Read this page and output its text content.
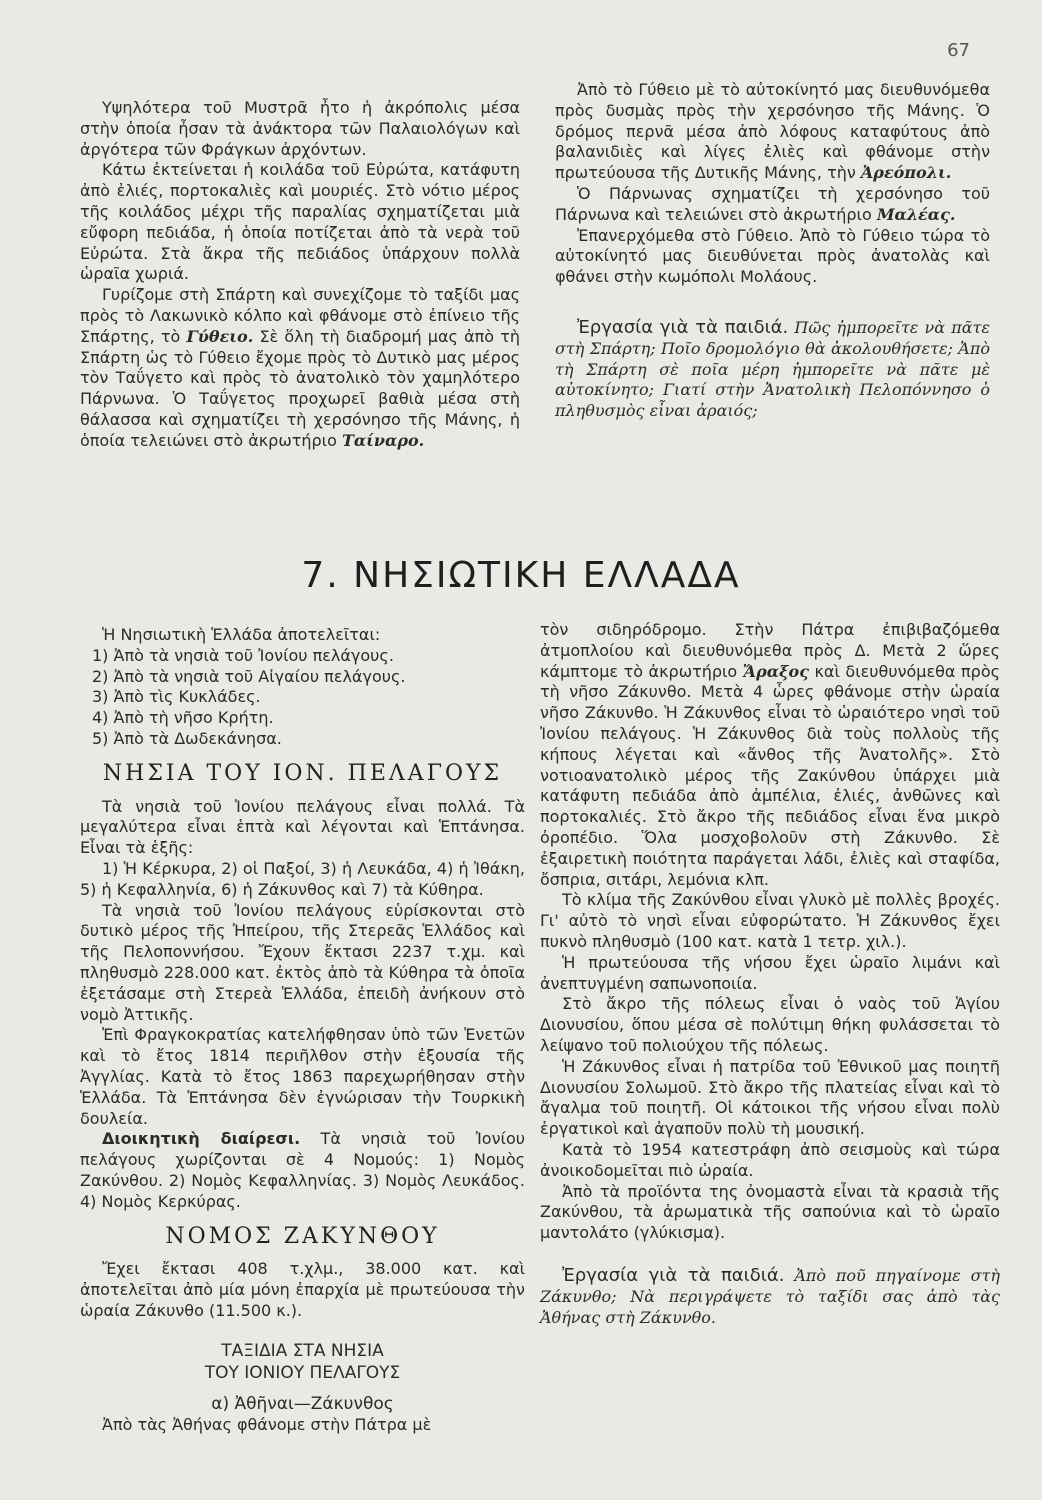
67

Υψηλότερα τοῦ Μυστρᾶ ἦτο ἡ ἀκρόπολις μέσα στὴν ὁποία ἦσαν τὰ ἀνάκτορα τῶν Παλαιολόγων καὶ ἀργότερα τῶν Φράγκων ἀρχόντων.

Κάτω ἐκτείνεται ἡ κοιλάδα τοῦ Εὐρώτα, κατάφυτη ἀπὸ ἐλιές, πορτοκαλιὲς καὶ μουριές. Στὸ νότιο μέρος τῆς κοιλάδος μέχρι τῆς παραλίας σχηματίζεται μιὰ εὔφορη πεδιάδα, ἡ ὁποία ποτίζεται ἀπὸ τὰ νερὰ τοῦ Εὐρώτα. Στὰ ἄκρα τῆς πεδιάδος ὑπάρχουν πολλὰ ὡραῖα χωριά.

Γυρίζομε στὴ Σπάρτη καὶ συνεχίζομε τὸ ταξίδι μας πρὸς τὸ Λακωνικὸ κόλπο καὶ φθάνομε στὸ ἐπίνειο τῆς Σπάρτης, τὸ Γύθειο. Σὲ ὅλη τὴ διαδρομή μας ἀπὸ τὴ Σπάρτη ὡς τὸ Γύθειο ἔχομε πρὸς τὸ Δυτικὸ μας μέρος τὸν Ταΰγετο καὶ πρὸς τὸ ἀνατολικὸ τὸν χαμηλότερο Πάρνωνα. Ὁ Ταΰγετος προχωρεῖ βαθιὰ μέσα στὴ θάλασσα καὶ σχηματίζει τὴ χερσόνησο τῆς Μάνης, ἡ ὁποία τελειώνει στὸ ἀκρωτήριο Ταίναρο.

Ἀπὸ τὸ Γύθειο μὲ τὸ αὐτοκίνητό μας διευθυνόμεθα πρὸς δυσμὰς πρὸς τὴν χερσόνησο τῆς Μάνης. Ὁ δρόμος περνᾶ μέσα ἀπὸ λόφους καταφύτους ἀπὸ βαλανιδιὲς καὶ λίγες ἐλιὲς καὶ φθάνομε στὴν πρωτεύουσα τῆς Δυτικῆς Μάνης, τὴν Ἀρεόπολι.

Ὁ Πάρνωνας σχηματίζει τὴ χερσόνησο τοῦ Πάρνωνα καὶ τελειώνει στὸ ἀκρωτήριο Μαλέας.

Ἐπανερχόμεθα στὸ Γύθειο. Ἀπὸ τὸ Γύθειο τώρα τὸ αὐτοκίνητό μας διευθύνεται πρὸς ἀνατολὰς καὶ φθάνει στὴν κωμόπολι Μολάους.

Ἐργασία γιὰ τὰ παιδιά. Πῶς ἠμπορεῖτε νὰ πᾶτε στὴ Σπάρτη; Ποῖο δρομολόγιο θὰ ἀκολουθήσετε; Ἀπὸ τὴ Σπάρτη σὲ ποῖα μέρη ἠμπορεῖτε νὰ πᾶτε μὲ αὐτοκίνητο; Γιατί στὴν Ἀνατολικὴ Πελοπόννησο ὁ πληθυσμὸς εἶναι ἀραιός;

7. ΝΗΣΙΩΤΙΚΗ ΕΛΛΑΔΑ

Ἡ Νησιωτικὴ Ἑλλάδα ἀποτελεῖται:

1) Ἀπὸ τὰ νησιὰ τοῦ Ἰονίου πελάγους.
2) Ἀπὸ τὰ νησιὰ τοῦ Αἰγαίου πελάγους.
3) Ἀπὸ τὶς Κυκλάδες.
4) Ἀπὸ τὴ νῆσο Κρήτη.
5) Ἀπὸ τὰ Δωδεκάνησα.
ΝΗΣΙΑ ΤΟΥ ΙΟΝ. ΠΕΛΑΓΟΥΣ

Τὰ νησιὰ τοῦ Ἰονίου πελάγους εἶναι πολλά. Τὰ μεγαλύτερα εἶναι ἑπτὰ καὶ λέγονται καὶ Ἑπτάνησα. Εἶναι τὰ ἑξῆς:

1) Ἡ Κέρκυρα, 2) οἱ Παξοί, 3) ἡ Λευκάδα, 4) ἡ Ἰθάκη, 5) ἡ Κεφαλληνία, 6) ἡ Ζάκυνθος καὶ 7) τὰ Κύθηρα.

Τὰ νησιὰ τοῦ Ἰονίου πελάγους εὑρίσκονται στὸ δυτικὸ μέρος τῆς Ἠπείρου, τῆς Στερεᾶς Ἑλλάδος καὶ τῆς Πελοποννήσου. Ἔχουν ἔκτασι 2237 τ.χμ. καὶ πληθυσμὸ 228.000 κατ. ἐκτὸς ἀπὸ τὰ Κύθηρα τὰ ὁποῖα ἐξετάσαμε στὴ Στερεὰ Ἑλλάδα, ἐπειδὴ ἀνήκουν στὸ νομὸ Ἀττικῆς.

Ἐπὶ Φραγκοκρατίας κατελήφθησαν ὑπὸ τῶν Ἐνετῶν καὶ τὸ ἔτος 1814 περιῆλθον στὴν ἐξουσία τῆς Ἀγγλίας. Κατὰ τὸ ἔτος 1863 παρεχωρήθησαν στὴν Ἑλλάδα. Τὰ Ἑπτάνησα δὲν ἐγνώρισαν τὴν Τουρκικὴ δουλεία.

Διοικητικὴ διαίρεσι. Τὰ νησιὰ τοῦ Ἰονίου πελάγους χωρίζονται σὲ 4 Νομούς: 1) Νομὸς Ζακύνθου. 2) Νομὸς Κεφαλληνίας. 3) Νομὸς Λευκάδος. 4) Νομὸς Κερκύρας.

ΝΟΜΟΣ ΖΑΚΥΝΘΟΥ

Ἔχει ἔκτασι 408 τ.χλμ., 38.000 κατ. καὶ ἀποτελεῖται ἀπὸ μία μόνη ἐπαρχία μὲ πρωτεύουσα τὴν ὡραία Ζάκυνθο (11.500 κ.).

ΤΑΞΙΔΙΑ ΣΤΑ ΝΗΣΙΑ
ΤΟΥ ΙΟΝΙΟΥ ΠΕΛΑΓΟΥΣ
α) Ἀθῆναι—Ζάκυνθος

Ἀπὸ τὰς Ἀθήνας φθάνομε στὴν Πάτρα μὲ

τὸν σιδηρόδρομο. Στὴν Πάτρα ἐπιβιβαζόμεθα ἀτμοπλοίου καὶ διευθυνόμεθα πρὸς Δ. Μετὰ 2 ὥρες κάμπτομε τὸ ἀκρωτήριο Ἄραξος καὶ διευθυνόμεθα πρὸς τὴ νῆσο Ζάκυνθο. Μετὰ 4 ὧρες φθάνομε στὴν ὡραία νῆσο Ζάκυνθο. Ἡ Ζάκυνθος εἶναι τὸ ὡραιότερο νησὶ τοῦ Ἰονίου πελάγους. Ἡ Ζάκυνθος διὰ τοὺς πολλοὺς τῆς κήπους λέγεται καὶ «ἄνθος τῆς Ἀνατολῆς». Στὸ νοτιοανατολικὸ μέρος τῆς Ζακύνθου ὑπάρχει μιὰ κατάφυτη πεδιάδα ἀπὸ ἀμπέλια, ἐλιές, ἀνθῶνες καὶ πορτοκαλιές. Στὸ ἄκρο τῆς πεδιάδος εἶναι ἕνα μικρὸ ὀροπέδιο. Ὅλα μοσχοβολοῦν στὴ Ζάκυνθο. Σὲ ἐξαιρετικὴ ποιότητα παράγεται λάδι, ἐλιὲς καὶ σταφίδα, ὄσπρια, σιτάρι, λεμόνια κλπ.

Τὸ κλίμα τῆς Ζακύνθου εἶναι γλυκὸ μὲ πολλὲς βροχές. Γι' αὐτὸ τὸ νησὶ εἶναι εὐφορώτατο. Ἡ Ζάκυνθος ἔχει πυκνὸ πληθυσμὸ (100 κατ. κατὰ 1 τετρ. χιλ.).

Ἡ πρωτεύουσα τῆς νήσου ἔχει ὡραῖο λιμάνι καὶ ἀνεπτυγμένη σαπωνοποιία.

Στὸ ἄκρο τῆς πόλεως εἶναι ὁ ναὸς τοῦ Ἁγίου Διονυσίου, ὅπου μέσα σὲ πολύτιμη θήκη φυλάσσεται τὸ λείψανο τοῦ πολιούχου τῆς πόλεως.

Ἡ Ζάκυνθος εἶναι ἡ πατρίδα τοῦ Ἐθνικοῦ μας ποιητῆ Διονυσίου Σολωμοῦ. Στὸ ἄκρο τῆς πλατείας εἶναι καὶ τὸ ἄγαλμα τοῦ ποιητῆ. Οἱ κάτοικοι τῆς νήσου εἶναι πολὺ ἐργατικοὶ καὶ ἀγαποῦν πολὺ τὴ μουσική.

Κατὰ τὸ 1954 κατεστράφη ἀπὸ σεισμοὺς καὶ τώρα ἀνοικοδομεῖται πιὸ ὡραία.

Ἀπὸ τὰ προϊόντα της ὀνομαστὰ εἶναι τὰ κρασιὰ τῆς Ζακύνθου, τὰ ἀρωματικὰ τῆς σαπούνια καὶ τὸ ὡραῖο μαντολάτο (γλύκισμα).

Ἐργασία γιὰ τὰ παιδιά. Ἀπὸ ποῦ πηγαίνομε στὴ Ζάκυνθο; Νὰ περιγράψετε τὸ ταξίδι σας ἀπὸ τὰς Ἀθήνας στὴ Ζάκυνθο.
